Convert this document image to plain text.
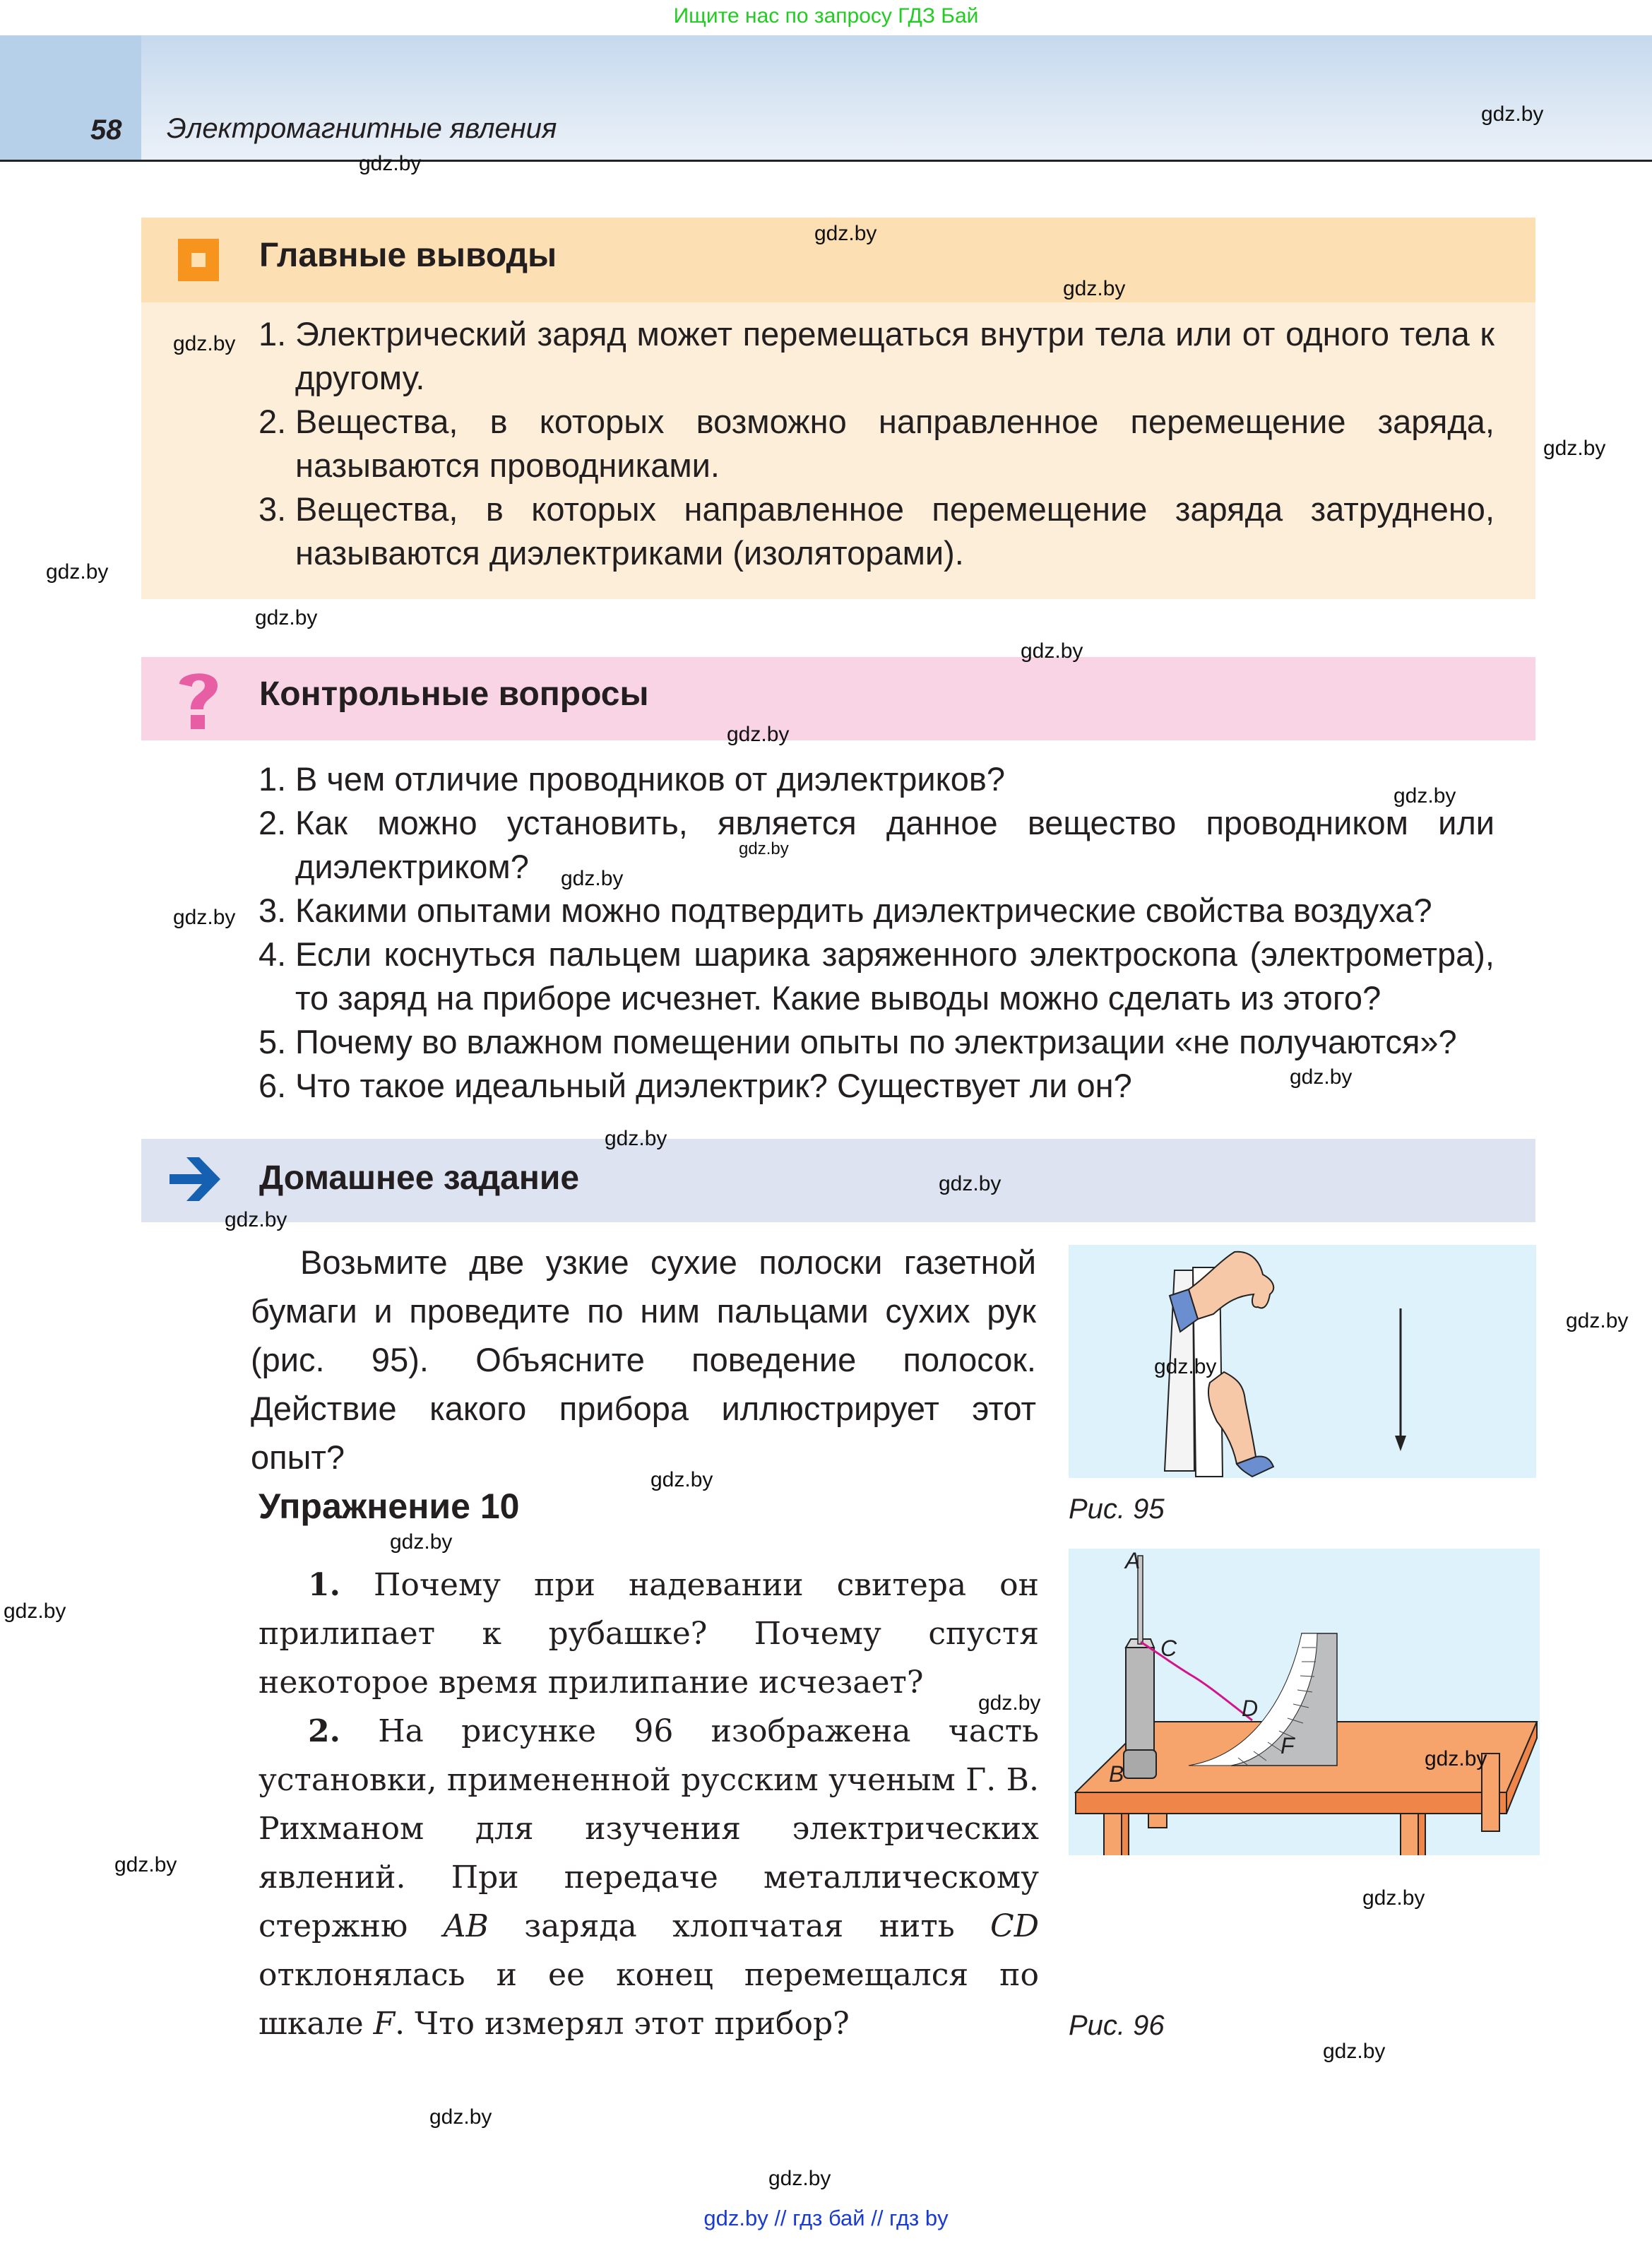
Ищите нас по запросу ГДЗ Бай
58 Электромагнитные явления
Главные выводы
1. Электрический заряд может перемещаться внутри тела или от одного тела к другому.
2. Вещества, в которых возможно направленное перемещение заряда, называются проводниками.
3. Вещества, в которых направленное перемещение заряда затруднено, называются диэлектриками (изоляторами).
Контрольные вопросы
1. В чем отличие проводников от диэлектриков?
2. Как можно установить, является данное вещество проводником или диэлектриком?
3. Какими опытами можно подтвердить диэлектрические свойства воздуха?
4. Если коснуться пальцем шарика заряженного электроскопа (электрометра), то заряд на приборе исчезнет. Какие выводы можно сделать из этого?
5. Почему во влажном помещении опыты по электризации «не получаются»?
6. Что такое идеальный диэлектрик? Существует ли он?
Домашнее задание
Возьмите две узкие сухие полоски газетной бумаги и проведите по ним пальцами сухих рук (рис. 95). Объясните поведение полосок. Действие какого прибора иллюстрирует этот опыт?
Рис. 95
Упражнение 10
1. Почему при надевании свитера он прилипает к рубашке? Почему спустя некоторое время прилипание исчезает?
2. На рисунке 96 изображена часть установки, примененной русским ученым Г. В. Рихманом для изучения электрических явлений. При передаче металлическому стержню AB заряда хлопчатая нить CD отклонялась и ее конец перемещался по шкале F. Что измерял этот прибор?
A
C
D
F
B
Рис. 96
gdz.by
gdz.by
gdz.by
gdz.by
gdz.by
gdz.by
gdz.by
gdz.by
gdz.by
gdz.by
gdz.by
gdz.by
gdz.by
gdz.by
gdz.by
gdz.by
gdz.by
gdz.by
gdz.by
gdz.by
gdz.by
gdz.by
gdz.by
gdz.by
gdz.by
gdz.by
gdz.by
gdz.by
gdz.by
gdz.by
gdz.by // гдз бай // гдз by
